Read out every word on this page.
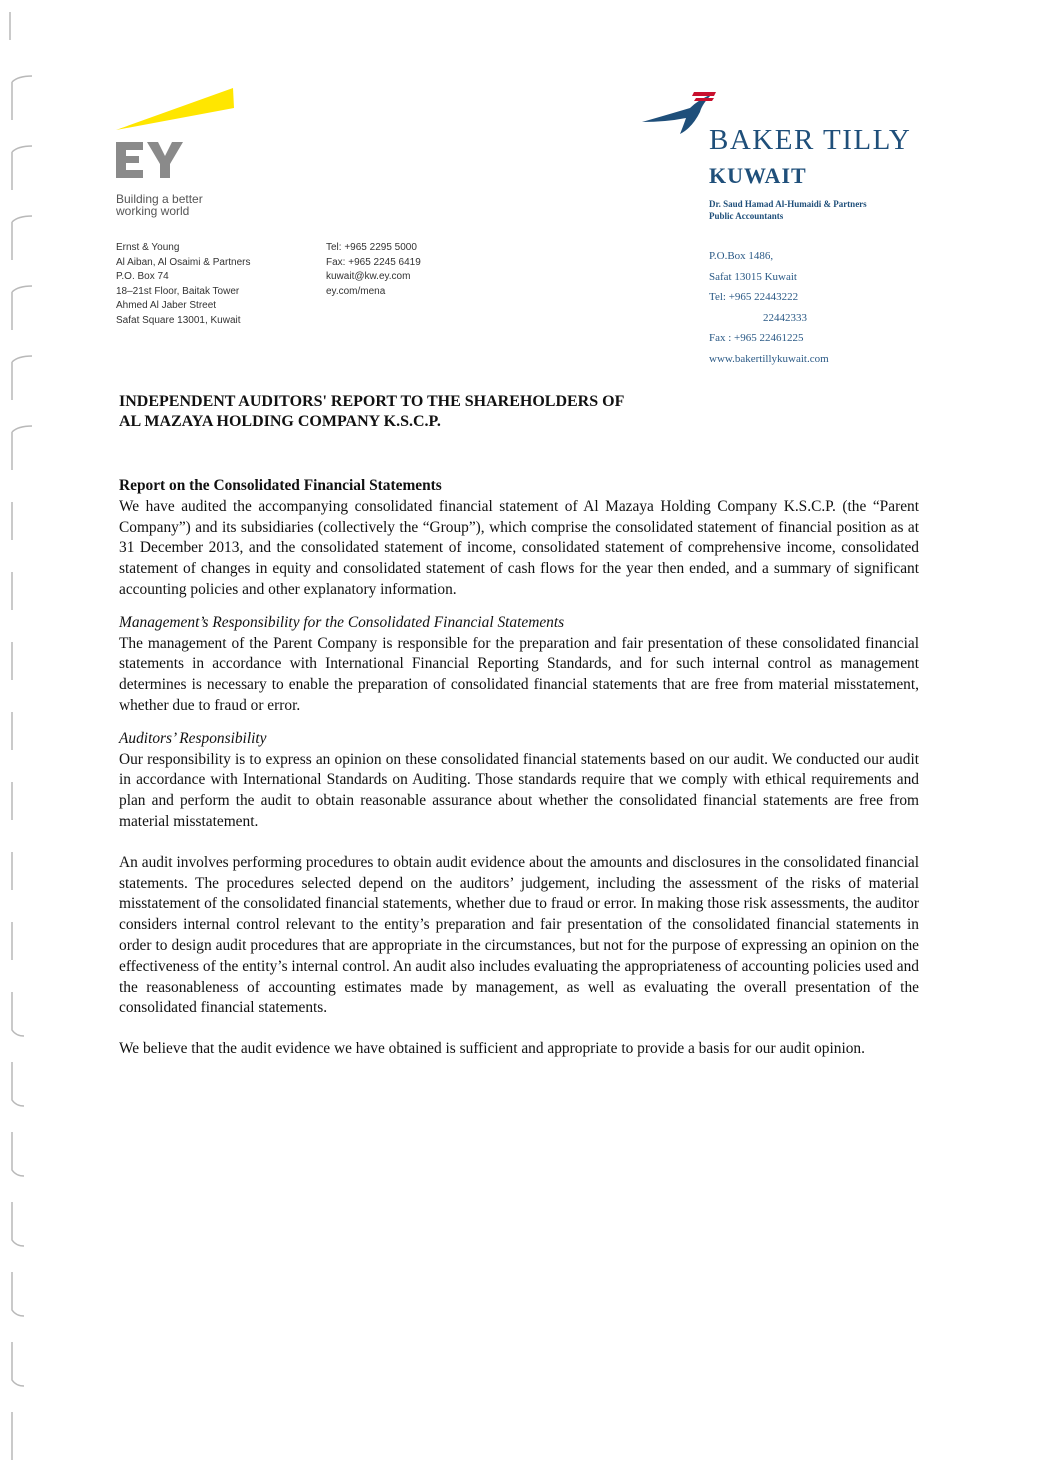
Building a better
working world
Ernst & Young
Al Aiban, Al Osaimi & Partners
P.O. Box 74
18–21st Floor, Baitak Tower
Ahmed Al Jaber Street
Safat Square 13001, Kuwait
Tel: +965 2295 5000
Fax: +965 2245 6419
kuwait@kw.ey.com
ey.com/mena
BAKER TILLY
KUWAIT
Dr. Saud Hamad Al-Humaidi & Partners
Public Accountants
P.O.Box 1486,
Safat 13015 Kuwait
Tel: +965 22443222
22442333
Fax : +965 22461225
www.bakertillykuwait.com
INDEPENDENT AUDITORS' REPORT TO THE SHAREHOLDERS OF
AL MAZAYA HOLDING COMPANY K.S.C.P.
Report on the Consolidated Financial Statements

We have audited the accompanying consolidated financial statement of Al Mazaya Holding Company K.S.C.P. (the “Parent Company”) and its subsidiaries (collectively the “Group”), which comprise the consolidated statement of financial position as at 31 December 2013, and the consolidated statement of income, consolidated statement of comprehensive income, consolidated statement of changes in equity and consolidated statement of cash flows for the year then ended, and a summary of significant accounting policies and other explanatory information.

Management’s Responsibility for the Consolidated Financial Statements

The management of the Parent Company is responsible for the preparation and fair presentation of these consolidated financial statements in accordance with International Financial Reporting Standards, and for such internal control as management determines is necessary to enable the preparation of consolidated financial statements that are free from material misstatement, whether due to fraud or error.

Auditors’ Responsibility

Our responsibility is to express an opinion on these consolidated financial statements based on our audit. We conducted our audit in accordance with International Standards on Auditing. Those standards require that we comply with ethical requirements and plan and perform the audit to obtain reasonable assurance about whether the consolidated financial statements are free from material misstatement.

An audit involves performing procedures to obtain audit evidence about the amounts and disclosures in the consolidated financial statements. The procedures selected depend on the auditors’ judgement, including the assessment of the risks of material misstatement of the consolidated financial statements, whether due to fraud or error. In making those risk assessments, the auditor considers internal control relevant to the entity’s preparation and fair presentation of the consolidated financial statements in order to design audit procedures that are appropriate in the circumstances, but not for the purpose of expressing an opinion on the effectiveness of the entity’s internal control. An audit also includes evaluating the appropriateness of accounting policies used and the reasonableness of accounting estimates made by management, as well as evaluating the overall presentation of the consolidated financial statements.

We believe that the audit evidence we have obtained is sufficient and appropriate to provide a basis for our audit opinion.
